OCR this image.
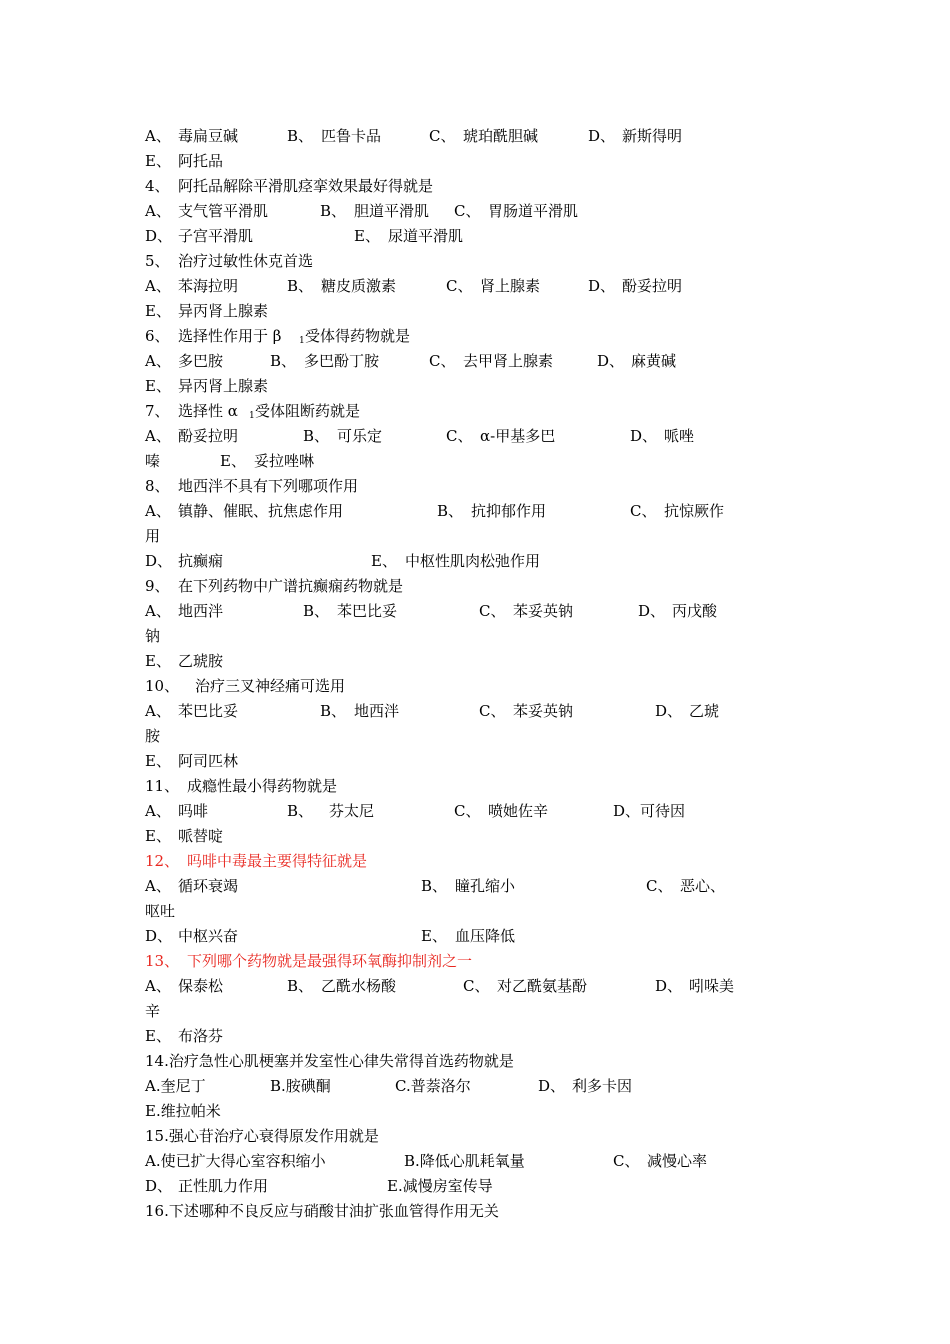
A、 毒扁豆碱	B、 匹鲁卡品	C、 琥珀酰胆碱	D、 新斯得明
E、 阿托品
4、 阿托品解除平滑肌痉挛效果最好得就是
A、 支气管平滑肌	B、 胆道平滑肌 C、 胃肠道平滑肌
D、 子宫平滑肌	E、 尿道平滑肌
5、 治疗过敏性休克首选
A、 苯海拉明	B、 糖皮质激素	C、 肾上腺素	D、 酚妥拉明
E、 异丙肾上腺素
6、 选择性作用于 β 1 受体得药物就是
A、 多巴胺	B、 多巴酚丁胺	C、 去甲肾上腺素	D、 麻黄碱
E、 异丙肾上腺素
7、 选择性 α 1 受体阻断药就是
A、 酚妥拉明	B、 可乐定	C、 α-甲基多巴	D、 哌唑
嗪	E、 妥拉唑啉
8、 地西泮不具有下列哪项作用
A、 镇静、催眠、抗焦虑作用	B、 抗抑郁作用	C、 抗惊厥作
用
D、 抗癫痫	E、 中枢性肌肉松弛作用
9、 在下列药物中广谱抗癫痫药物就是
A、 地西泮	B、 苯巴比妥	C、 苯妥英钠	D、 丙戊酸
钠
E、 乙琥胺
10、 治疗三叉神经痛可选用
A、 苯巴比妥	B、 地西泮	C、 苯妥英钠	D、 乙琥
胺
E、 阿司匹林
11、 成瘾性最小得药物就是
A、 吗啡	B、 芬太尼	C、 喷她佐辛	D、可待因
E、 哌替啶
12、 吗啡中毒最主要得特征就是
A、 循环衰竭	B、 瞳孔缩小	C、 恶心、
呕吐
D、 中枢兴奋	E、 血压降低
13、 下列哪个药物就是最强得环氧酶抑制剂之一
A、 保泰松	B、 乙酰水杨酸	C、 对乙酰氨基酚	D、 吲哚美
辛
E、 布洛芬
14.治疗急性心肌梗塞并发室性心律失常得首选药物就是
A.奎尼丁	B.胺碘酮	C.普萘洛尔	D、 利多卡因
E.维拉帕米
15.强心苷治疗心衰得原发作用就是
A.使已扩大得心室容积缩小	B.降低心肌耗氧量	C、 减慢心率
D、 正性肌力作用	E.减慢房室传导
16.下述哪种不良反应与硝酸甘油扩张血管得作用无关
